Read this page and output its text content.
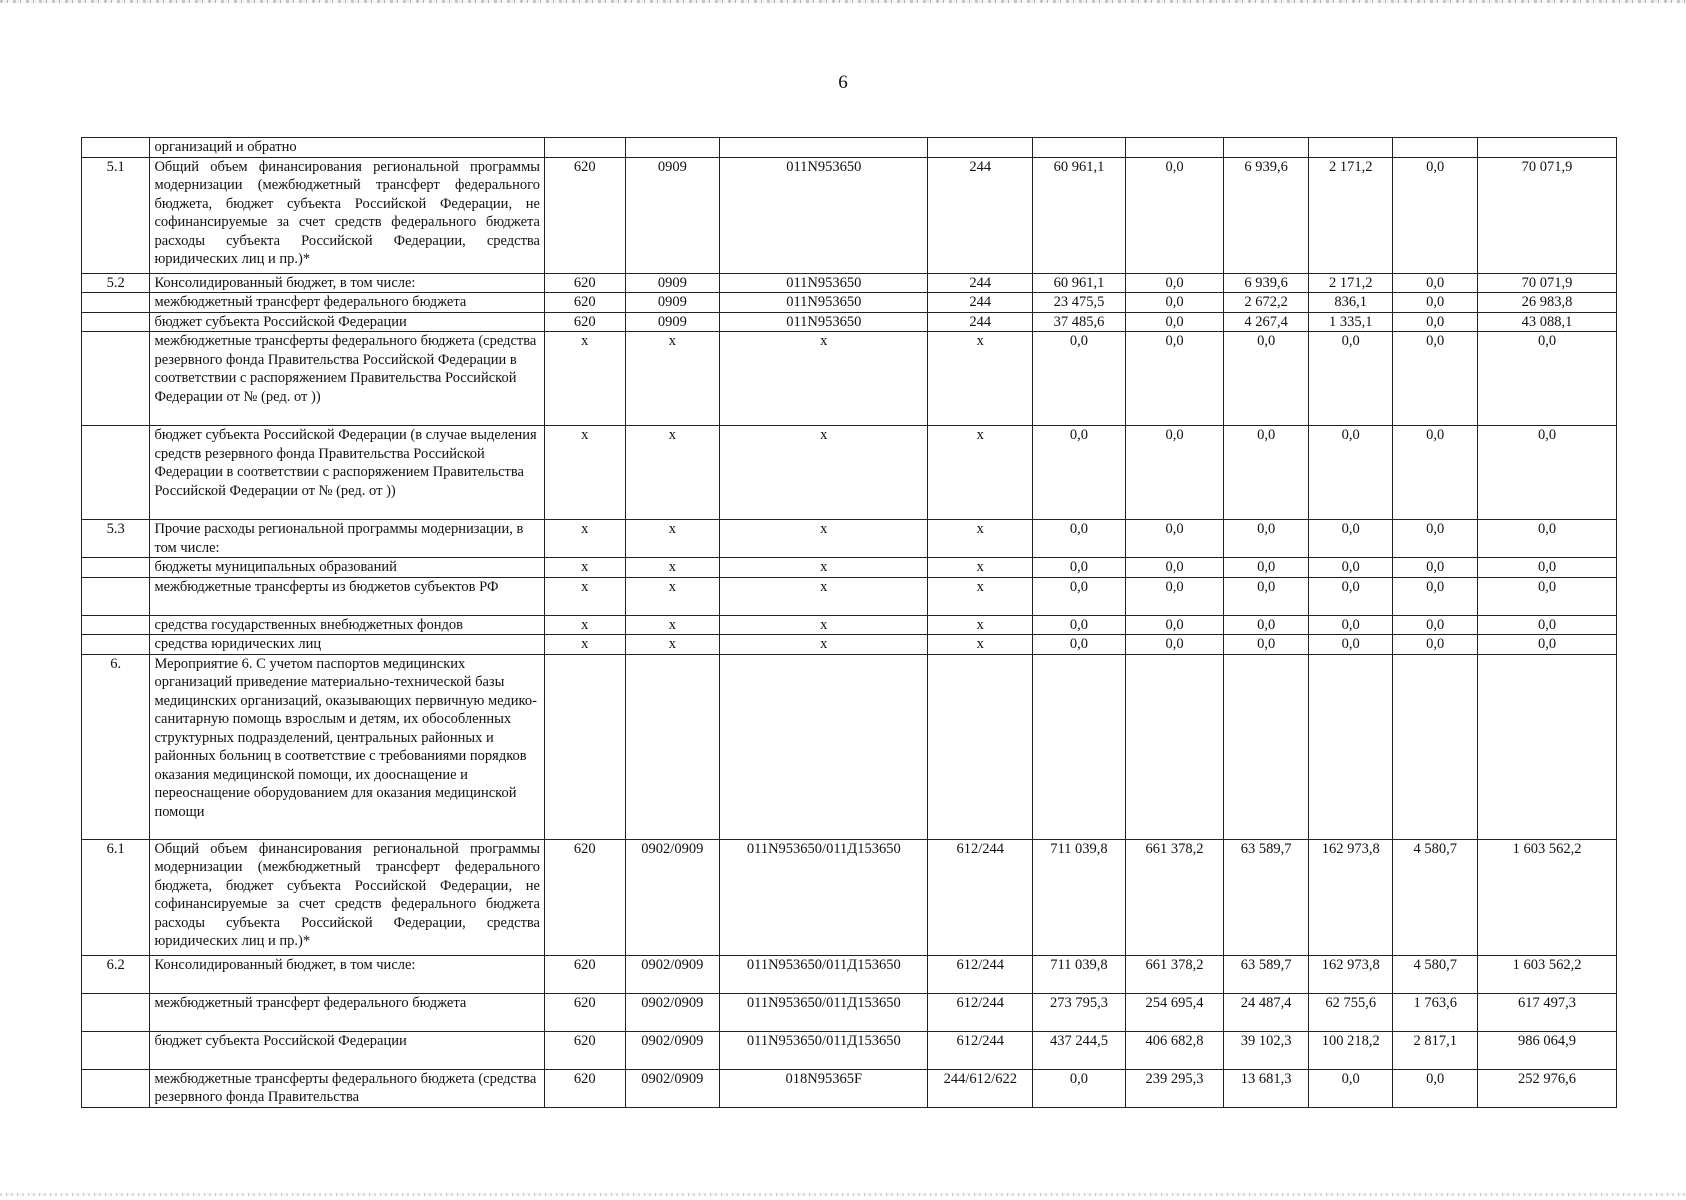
6
	организаций и обратно										
5.1	Общий объем финансирования региональной программы модернизации (межбюджетный трансферт федерального бюджета, бюджет субъекта Российской Федерации, не софинансируемые за счет средств федерального бюджета расходы субъекта Российской Федерации, средства юридических лиц и пр.)*	620	0909	011N953650	244	60 961,1	0,0	6 939,6	2 171,2	0,0	70 071,9
5.2	Консолидированный бюджет, в том числе:	620	0909	011N953650	244	60 961,1	0,0	6 939,6	2 171,2	0,0	70 071,9
	межбюджетный трансферт федерального бюджета	620	0909	011N953650	244	23 475,5	0,0	2 672,2	836,1	0,0	26 983,8
	бюджет субъекта Российской Федерации	620	0909	011N953650	244	37 485,6	0,0	4 267,4	1 335,1	0,0	43 088,1
	межбюджетные трансферты федерального бюджета (средства резервного фонда Правительства Российской Федерации в соответствии с распоряжением Правительства Российской Федерации от № (ред. от ))	x	x	x	x	0,0	0,0	0,0	0,0	0,0	0,0
	бюджет субъекта Российской Федерации (в случае выделения средств резервного фонда Правительства Российской Федерации в соответствии с распоряжением Правительства Российской Федерации от № (ред. от ))	x	x	x	x	0,0	0,0	0,0	0,0	0,0	0,0
5.3	Прочие расходы региональной программы модернизации, в том числе:	x	x	x	x	0,0	0,0	0,0	0,0	0,0	0,0
	бюджеты муниципальных образований	x	x	x	x	0,0	0,0	0,0	0,0	0,0	0,0
	межбюджетные трансферты из бюджетов субъектов РФ	x	x	x	x	0,0	0,0	0,0	0,0	0,0	0,0
	средства государственных внебюджетных фондов	x	x	x	x	0,0	0,0	0,0	0,0	0,0	0,0
	средства юридических лиц	x	x	x	x	0,0	0,0	0,0	0,0	0,0	0,0
6.	Мероприятие 6. С учетом паспортов медицинских организаций приведение материально-технической базы медицинских организаций, оказывающих первичную медико-санитарную помощь взрослым и детям, их обособленных структурных подразделений, центральных районных и районных больниц в соответствие с требованиями порядков оказания медицинской помощи, их дооснащение и переоснащение оборудованием для оказания медицинской помощи										
6.1	Общий объем финансирования региональной программы модернизации (межбюджетный трансферт федерального бюджета, бюджет субъекта Российской Федерации, не софинансируемые за счет средств федерального бюджета расходы субъекта Российской Федерации, средства юридических лиц и пр.)*	620	0902/0909	011N953650/011Д153650	612/244	711 039,8	661 378,2	63 589,7	162 973,8	4 580,7	1 603 562,2
6.2	Консолидированный бюджет, в том числе:	620	0902/0909	011N953650/011Д153650	612/244	711 039,8	661 378,2	63 589,7	162 973,8	4 580,7	1 603 562,2
	межбюджетный трансферт федерального бюджета	620	0902/0909	011N953650/011Д153650	612/244	273 795,3	254 695,4	24 487,4	62 755,6	1 763,6	617 497,3
	бюджет субъекта Российской Федерации	620	0902/0909	011N953650/011Д153650	612/244	437 244,5	406 682,8	39 102,3	100 218,2	2 817,1	986 064,9
	межбюджетные трансферты федерального бюджета (средства резервного фонда Правительства	620	0902/0909	018N95365F	244/612/622	0,0	239 295,3	13 681,3	0,0	0,0	252 976,6
